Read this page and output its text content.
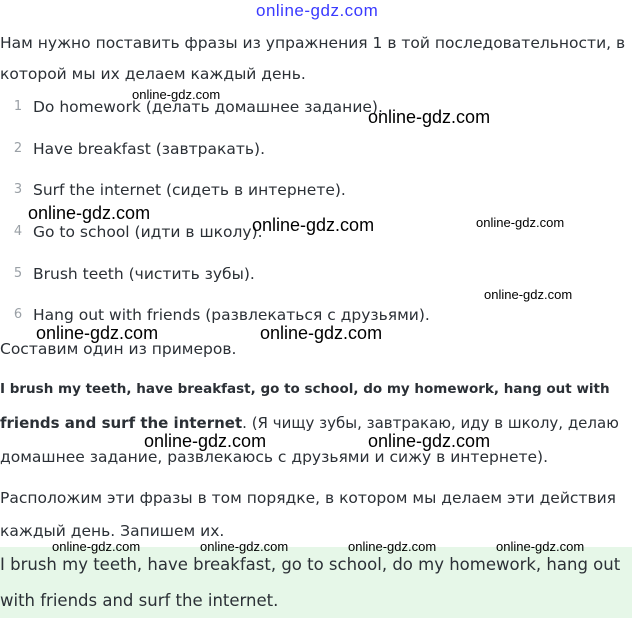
online-gdz.com
Нам нужно поставить фразы из упражнения 1 в той последовательности, в
которой мы их делаем каждый день.
1 Do homework (делать домашнее задание).
2 Have breakfast (завтракать).
3 Surf the internet (сидеть в интернете).
4 Go to school (идти в школу).
5 Brush teeth (чистить зубы).
6 Hang out with friends (развлекаться с друзьями).
Составим один из примеров.
I brush my teeth, have breakfast, go to school, do my homework, hang out with
friends and surf the internet. (Я чищу зубы, завтракаю, иду в школу, делаю
домашнее задание, развлекаюсь с друзьями и сижу в интернете).
Расположим эти фразы в том порядке, в котором мы делаем эти действия
каждый день. Запишем их.
I brush my teeth, have breakfast, go to school, do my homework, hang out
with friends and surf the internet.
online-gdz.com
online-gdz.com
online-gdz.com
online-gdz.com	online-gdz.com
online-gdz.com
online-gdz.com	online-gdz.com
online-gdz.com	online-gdz.com
online-gdz.com	online-gdz.com	online-gdz.com	online-gdz.com
